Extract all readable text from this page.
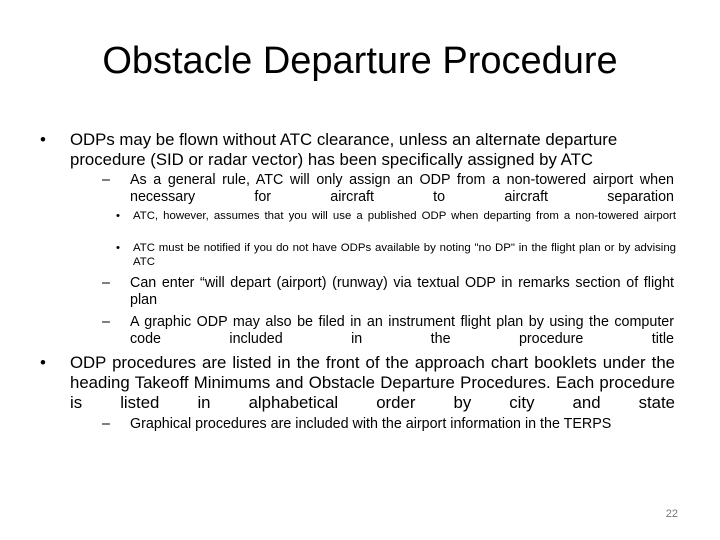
Obstacle Departure Procedure
• ODPs may be flown without ATC clearance, unless an alternate departure procedure (SID or radar vector) has been specifically assigned by ATC
– As a general rule, ATC will only assign an ODP from a non-towered airport when necessary for aircraft to aircraft separation
• ATC, however, assumes that you will use a published ODP when departing from a non-towered airport
• ATC must be notified if you do not have ODPs available by noting "no DP" in the flight plan or by advising ATC
– Can enter “will depart (airport) (runway) via textual ODP in remarks section of flight plan
– A graphic ODP may also be filed in an instrument flight plan by using the computer code included in the procedure title
• ODP procedures are listed in the front of the approach chart booklets under the heading Takeoff Minimums and Obstacle Departure Procedures. Each procedure is listed in alphabetical order by city and state
– Graphical procedures are included with the airport information in the TERPS
22
